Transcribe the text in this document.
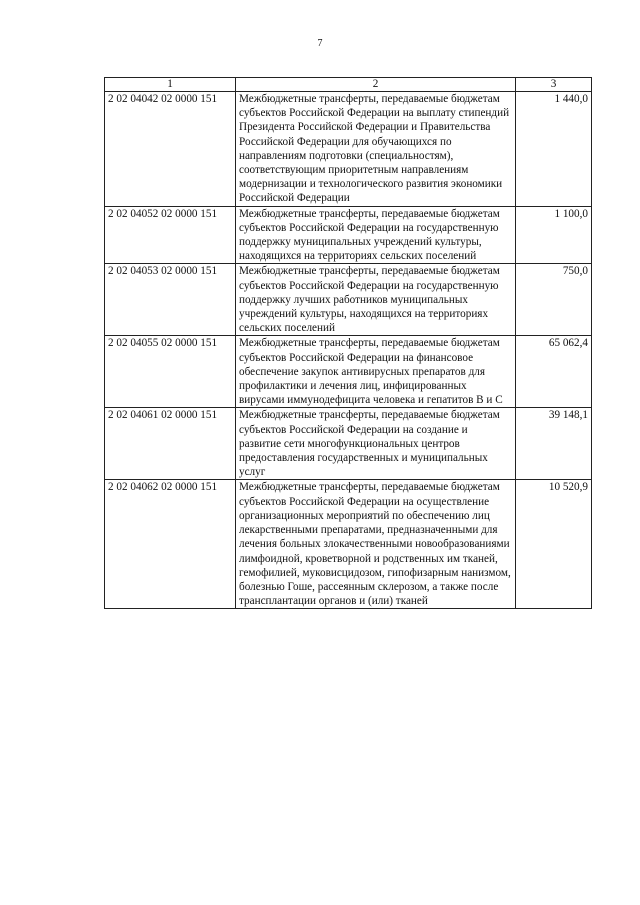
7
1	2	3
2 02 04042 02 0000 151	Межбюджетные трансферты, передаваемые бюджетам субъектов Российской Федерации на выплату стипендий Президента Российской Федерации и Правительства Российской Федерации для обучающихся по направлениям подготовки (специальностям), соответствующим приоритетным направлениям модернизации и технологического развития экономики Российской Федерации	1 440,0
2 02 04052 02 0000 151	Межбюджетные трансферты, передаваемые бюджетам субъектов Российской Федерации на государственную поддержку муниципальных учреждений культуры, находящихся на территориях сельских поселений	1 100,0
2 02 04053 02 0000 151	Межбюджетные трансферты, передаваемые бюджетам субъектов Российской Федерации на государственную поддержку лучших работников муниципальных учреждений культуры, находящихся на территориях сельских поселений	750,0
2 02 04055 02 0000 151	Межбюджетные трансферты, передаваемые бюджетам субъектов Российской Федерации на финансовое обеспечение закупок антивирусных препаратов для профилактики и лечения лиц, инфицированных вирусами иммунодефицита человека и гепатитов В и С	65 062,4
2 02 04061 02 0000 151	Межбюджетные трансферты, передаваемые бюджетам субъектов Российской Федерации на создание и развитие сети многофункциональных центров предоставления государственных и муниципальных услуг	39 148,1
2 02 04062 02 0000 151	Межбюджетные трансферты, передаваемые бюджетам субъектов Российской Федерации на осуществление организационных мероприятий по обеспечению лиц лекарственными препаратами, предназначенными для лечения больных злокачественными новообразованиями лимфоидной, кроветворной и родственных им тканей, гемофилией, муковисцидозом, гипофизарным нанизмом, болезнью Гоше, рассеянным склерозом, а также после трансплантации органов и (или) тканей	10 520,9
